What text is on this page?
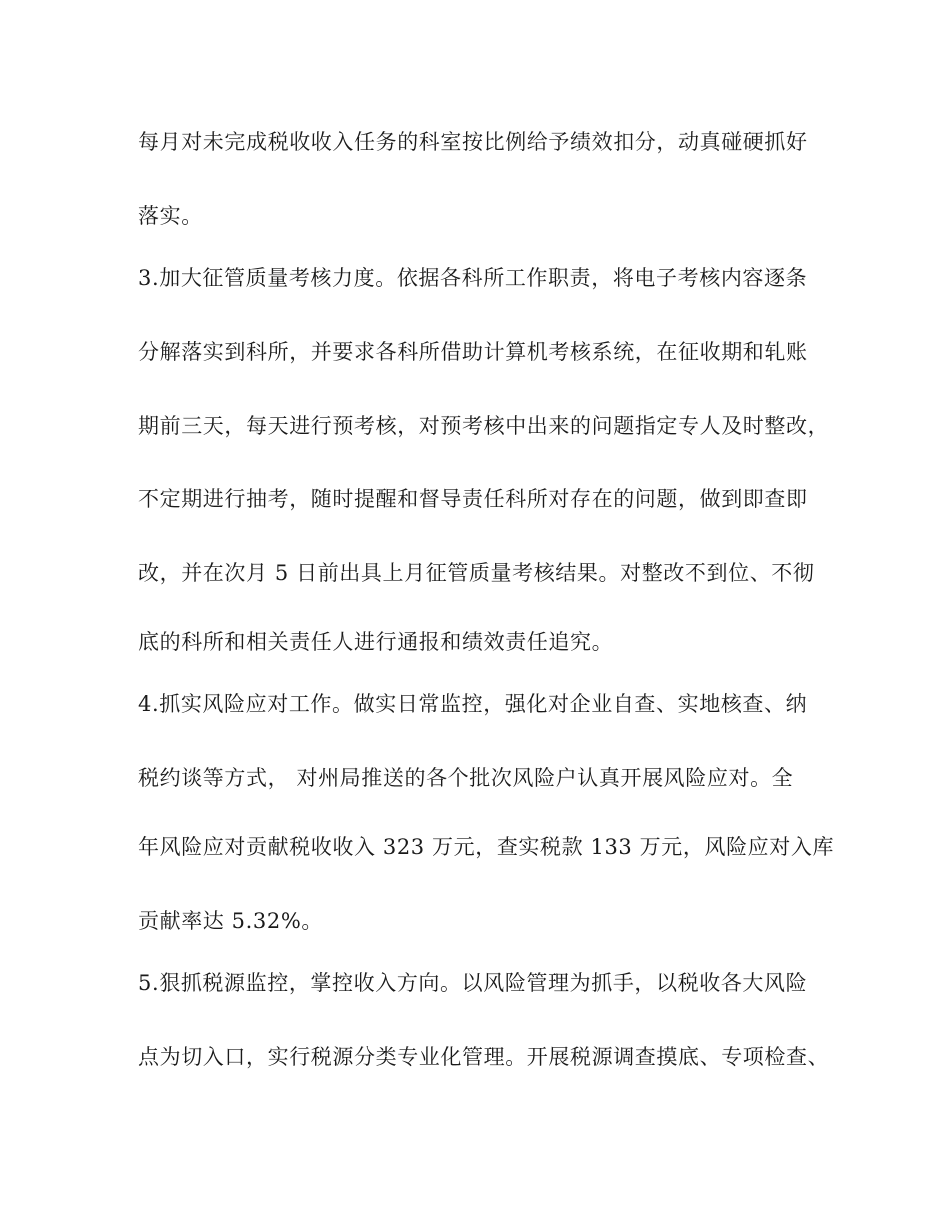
每月对未完成税收收入任务的科室按比例给予绩效扣分，动真碰硬抓好
落实。
3.加大征管质量考核力度。依据各科所工作职责，将电子考核内容逐条
分解落实到科所，并要求各科所借助计算机考核系统，在征收期和轧账
期前三天，每天进行预考核，对预考核中出来的问题指定专人及时整改，
不定期进行抽考，随时提醒和督导责任科所对存在的问题，做到即查即
改，并在次月 5 日前出具上月征管质量考核结果。对整改不到位、不彻
底的科所和相关责任人进行通报和绩效责任追究。
4.抓实风险应对工作。做实日常监控，强化对企业自查、实地核查、纳
税约谈等方式， 对州局推送的各个批次风险户认真开展风险应对。全
年风险应对贡献税收收入 323 万元，查实税款 133 万元，风险应对入库
贡献率达 5.32%。
5.狠抓税源监控，掌控收入方向。以风险管理为抓手，以税收各大风险
点为切入口，实行税源分类专业化管理。开展税源调查摸底、专项检查、
